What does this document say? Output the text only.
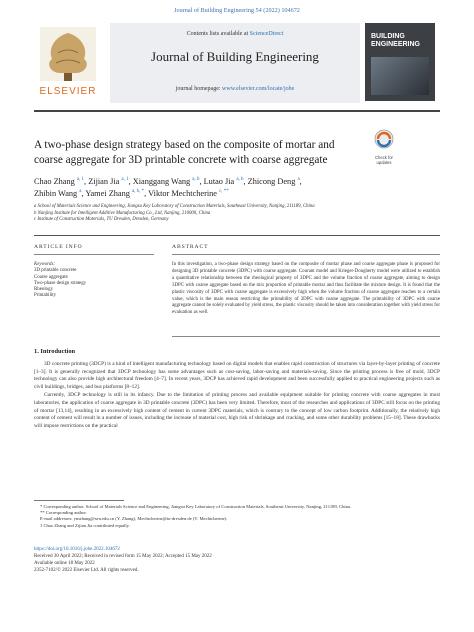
Journal of Building Engineering 54 (2022) 104672
ELSEVIER
Contents lists available at ScienceDirect
Journal of Building Engineering
journal homepage: www.elsevier.com/locate/jobe
BUILDING
ENGINEERING
A two-phase design strategy based on the composite of mortar and coarse aggregate for 3D printable concrete with coarse aggregate	Check for
updates
Chao Zhang $^{a, 1}$, Zijian Jia $^{a, 1}$, Xianggang Wang $^{a, b}$, Lutao Jia $^{a, b}$, Zhicong Deng $^a$,
Zhibin Wang $^a$, Yamei Zhang $^{a, b, *}$, Viktor Mechtcherine $^{c, **}$
a School of Materials Science and Engineering, Jiangsu Key Laboratory of Construction Materials, Southeast University, Nanjing, 211189, China
b Nanjing Institute for Intelligent Additive Manufacturing Co., Ltd, Nanjing, 210000, China
c Institute of Construction Materials, TU Dresden, Dresden, Germany
ARTICLE INFO
Keywords:
3D printable concrete
Coarse aggregate
Two-phase design strategy
Rheology
Printability
ABSTRACT
In this investigation, a two-phase design strategy based on the composite of mortar phase and coarse aggregate phase is proposed for designing 3D printable concrete (3DPC) with coarse aggregate. Courant model and Krieger-Dougherty model were utilized to establish a quantitative relationship between the rheological property of 3DPC and the volume fraction of coarse aggregate, aiming to design 3DPC with coarse aggregate based on the mix proportion of printable mortar and thus facilitate the mixture design. It is found that the plastic viscosity of 3DPC with coarse aggregate is excessively high when the volume fraction of coarse aggregate reaches to a certain value, which is the main reason restricting the printability of 3DPC with coarse aggregate. The printability of 3DPC with coarse aggregate cannot be solely evaluated by yield stress, the plastic viscosity should be taken into consideration together with yield stress for evaluation as well.
1. Introduction

3D concrete printing (3DCP) is a kind of intelligent manufacturing technology based on digital models that enables rapid construction of structures via layer-by-layer printing of concrete [1–3]. It is generally recognized that 3DCP technology has some advantages such as cost-saving, labor-saving and materials-saving. Since the printing process is free of mold, 3DCP technology can also provide high architectural freedom [4–7]. In recent years, 3DCP has achieved rapid development and been successfully applied to practical engineering projects such as civil buildings, bridges, and bus platforms [8–12].

Currently, 3DCP technology is still in its infancy. Due to the limitation of printing process and available equipment suitable for printing concrete with coarse aggregates in most laboratories, the application of coarse aggregate in 3D printable concrete (3DPC) has been very limited. Therefore, most of the researches and applications of 3DPC still focus on the printing of mortar [13,14], resulting in an excessively high content of cement in current 3DPC materials, which is contrary to the concept of low carbon footprint. Additionally, the relatively high content of cement will result in a number of issues, including the increase of material cost, high risk of shrinkage and cracking, and some other durability problems [15–18]. These drawbacks will impose restrictions on the practical

* Corresponding author. School of Materials Science and Engineering, Jiangsu Key Laboratory of Construction Materials, Southeast University, Nanjing, 211189, China.
** Corresponding author.
E-mail addresses: ymzhang@seu.edu.cn (Y. Zhang), Mechtcherine@tu-dresden.de (V. Mechtcherine).
1 Chao Zhang and Zijian Jia contributed equally.
https://doi.org/10.1016/j.jobe.2022.104672
Received 30 April 2022; Received in revised form 15 May 2022; Accepted 15 May 2022
Available online 18 May 2022
2352-7102/© 2022 Elsevier Ltd. All rights reserved.
